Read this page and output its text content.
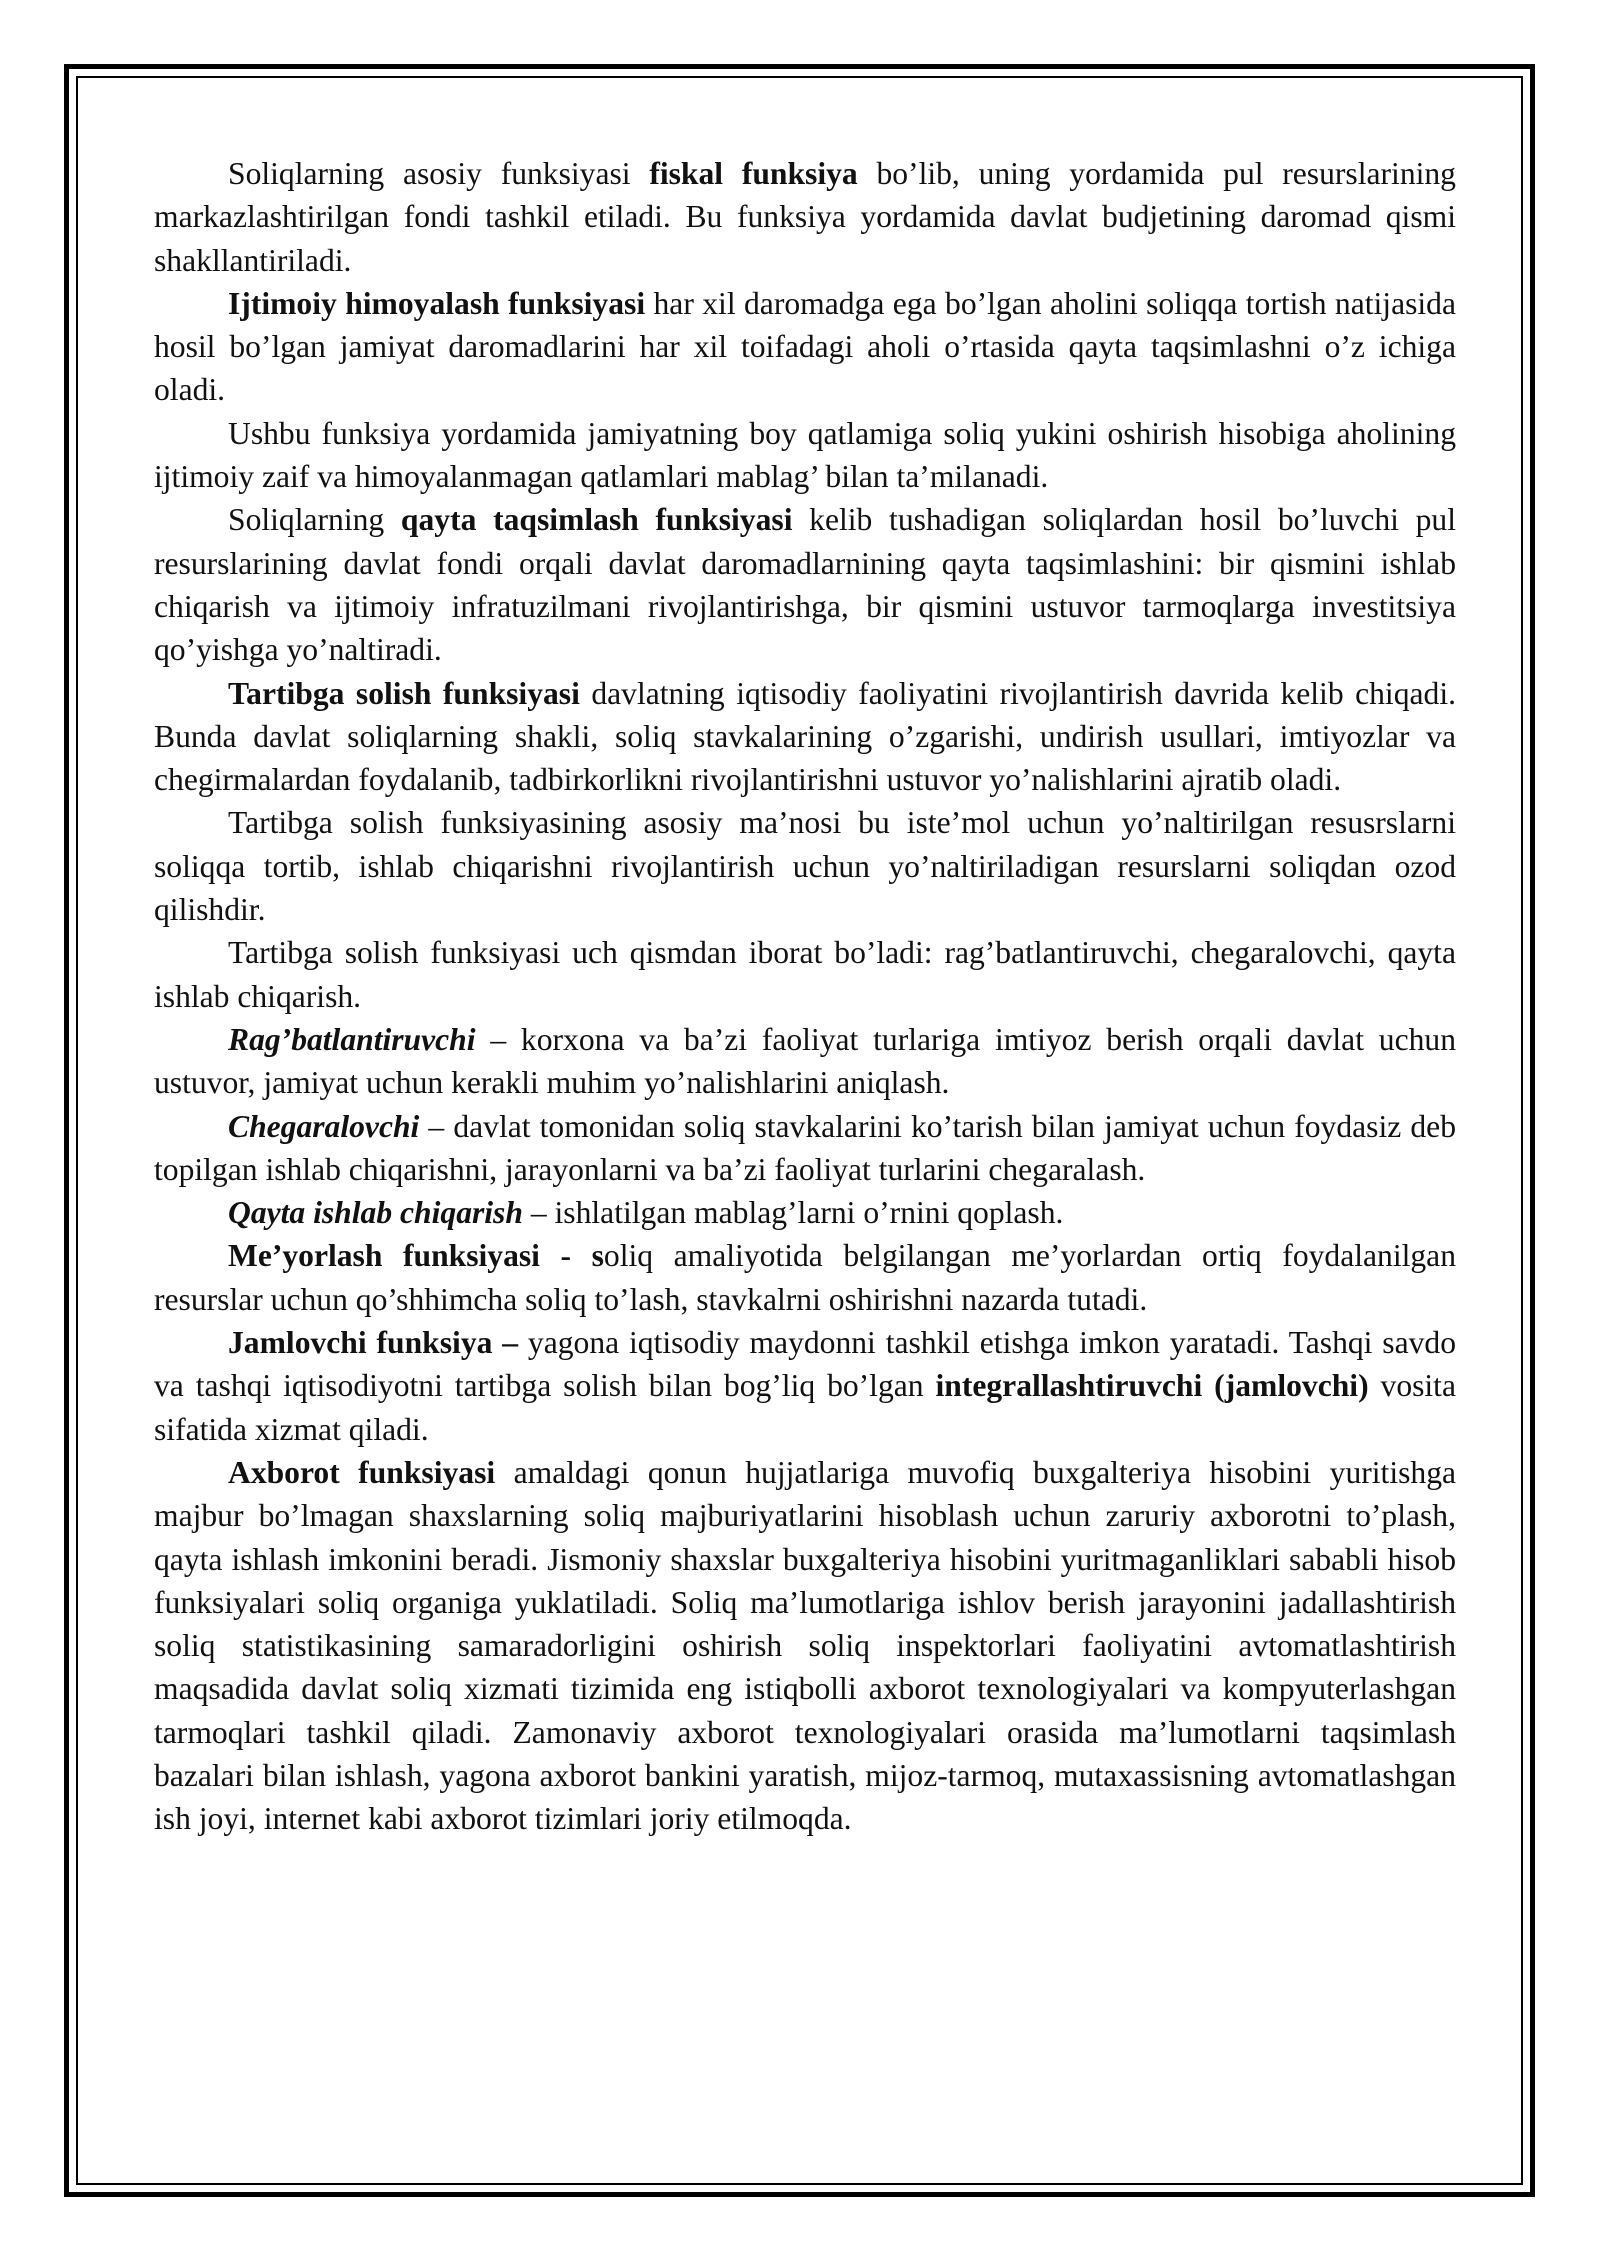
Soliqlarning asosiy funksiyasi fiskal funksiya bo’lib, uning yordamida pul resurslarining markazlashtirilgan fondi tashkil etiladi. Bu funksiya yordamida davlat budjetining daromad qismi shakllantiriladi.

Ijtimoiy himoyalash funksiyasi har xil daromadga ega bo’lgan aholini soliqqa tortish natijasida hosil bo’lgan jamiyat daromadlarini har xil toifadagi aholi o’rtasida qayta taqsimlashni o’z ichiga oladi.

Ushbu funksiya yordamida jamiyatning boy qatlamiga soliq yukini oshirish hisobiga aholining ijtimoiy zaif va himoyalanmagan qatlamlari mablag’ bilan ta’milanadi.

Soliqlarning qayta taqsimlash funksiyasi kelib tushadigan soliqlardan hosil bo’luvchi pul resurslarining davlat fondi orqali davlat daromadlarnining qayta taqsimlashini: bir qismini ishlab chiqarish va ijtimoiy infratuzilmani rivojlantirishga, bir qismini ustuvor tarmoqlarga investitsiya qo’yishga yo’naltiradi.

Tartibga solish funksiyasi davlatning iqtisodiy faoliyatini rivojlantirish davrida kelib chiqadi. Bunda davlat soliqlarning shakli, soliq stavkalarining o’zgarishi, undirish usullari, imtiyozlar va chegirmalardan foydalanib, tadbirkorlikni rivojlantirishni ustuvor yo’nalishlarini ajratib oladi.

Tartibga solish funksiyasining asosiy ma’nosi bu iste’mol uchun yo’naltirilgan resusrslarni soliqqa tortib, ishlab chiqarishni rivojlantirish uchun yo’naltiriladigan resurslarni soliqdan ozod qilishdir.

Tartibga solish funksiyasi uch qismdan iborat bo’ladi: rag’batlantiruvchi, chegaralovchi, qayta ishlab chiqarish.

Rag’batlantiruvchi – korxona va ba’zi faoliyat turlariga imtiyoz berish orqali davlat uchun ustuvor, jamiyat uchun kerakli muhim yo’nalishlarini aniqlash.

Chegaralovchi – davlat tomonidan soliq stavkalarini ko’tarish bilan jamiyat uchun foydasiz deb topilgan ishlab chiqarishni, jarayonlarni va ba’zi faoliyat turlarini chegaralash.

Qayta ishlab chiqarish – ishlatilgan mablag’larni o’rnini qoplash.

Me’yorlash funksiyasi - soliq amaliyotida belgilangan me’yorlardan ortiq foydalanilgan resurslar uchun qo’shhimcha soliq to’lash, stavkalrni oshirishni nazarda tutadi.

Jamlovchi funksiya – yagona iqtisodiy maydonni tashkil etishga imkon yaratadi. Tashqi savdo va tashqi iqtisodiyotni tartibga solish bilan bog’liq bo’lgan integrallashtiruvchi (jamlovchi) vosita sifatida xizmat qiladi.

Axborot funksiyasi amaldagi qonun hujjatlariga muvofiq buxgalteriya hisobini yuritishga majbur bo’lmagan shaxslarning soliq majburiyatlarini hisoblash uchun zaruriy axborotni to’plash, qayta ishlash imkonini beradi. Jismoniy shaxslar buxgalteriya hisobini yuritmaganliklari sababli hisob funksiyalari soliq organiga yuklatiladi. Soliq ma’lumotlariga ishlov berish jarayonini jadallashtirish soliq statistikasining samaradorligini oshirish soliq inspektorlari faoliyatini avtomatlashtirish maqsadida davlat soliq xizmati tizimida eng istiqbolli axborot texnologiyalari va kompyuterlashgan tarmoqlari tashkil qiladi. Zamonaviy axborot texnologiyalari orasida ma’lumotlarni taqsimlash bazalari bilan ishlash, yagona axborot bankini yaratish, mijoz-tarmoq, mutaxassisning avtomatlashgan ish joyi, internet kabi axborot tizimlari joriy etilmoqda.
